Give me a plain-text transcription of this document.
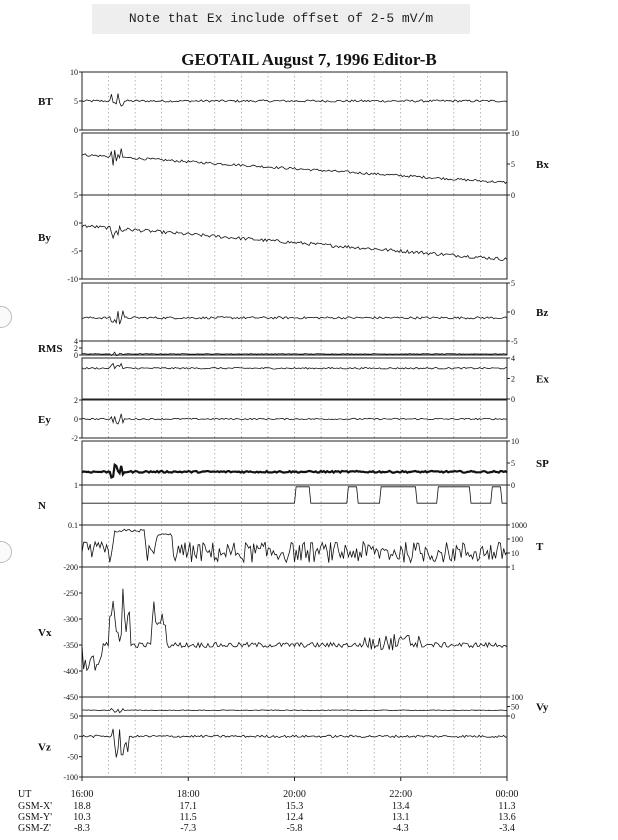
Note that Ex include offset of 2-5 mV/m
GEOTAIL August 7, 1996 Editor-B
10
5
0
BT
10
5
0
Bx
5
0
-5
-10
By
5
0
-5
Bz
4
2
0
RMS
4
2
0
Ex
2
0
-2
Ey
10
5
0
SP
1
0.1
N
1000
100
10
1
T
-200
-250
-300
-350
-400
-450
Vx
100
50
0
Vy
50
0
-50
-100
Vz
UT
GSM-X'
GSM-Y'
GSM-Z'
16:00
18.8
10.3
-8.3
18:00
17.1
11.5
-7.3
20:00
15.3
12.4
-5.8
22:00
13.4
13.1
-4.3
00:00
11.3
13.6
-3.4
